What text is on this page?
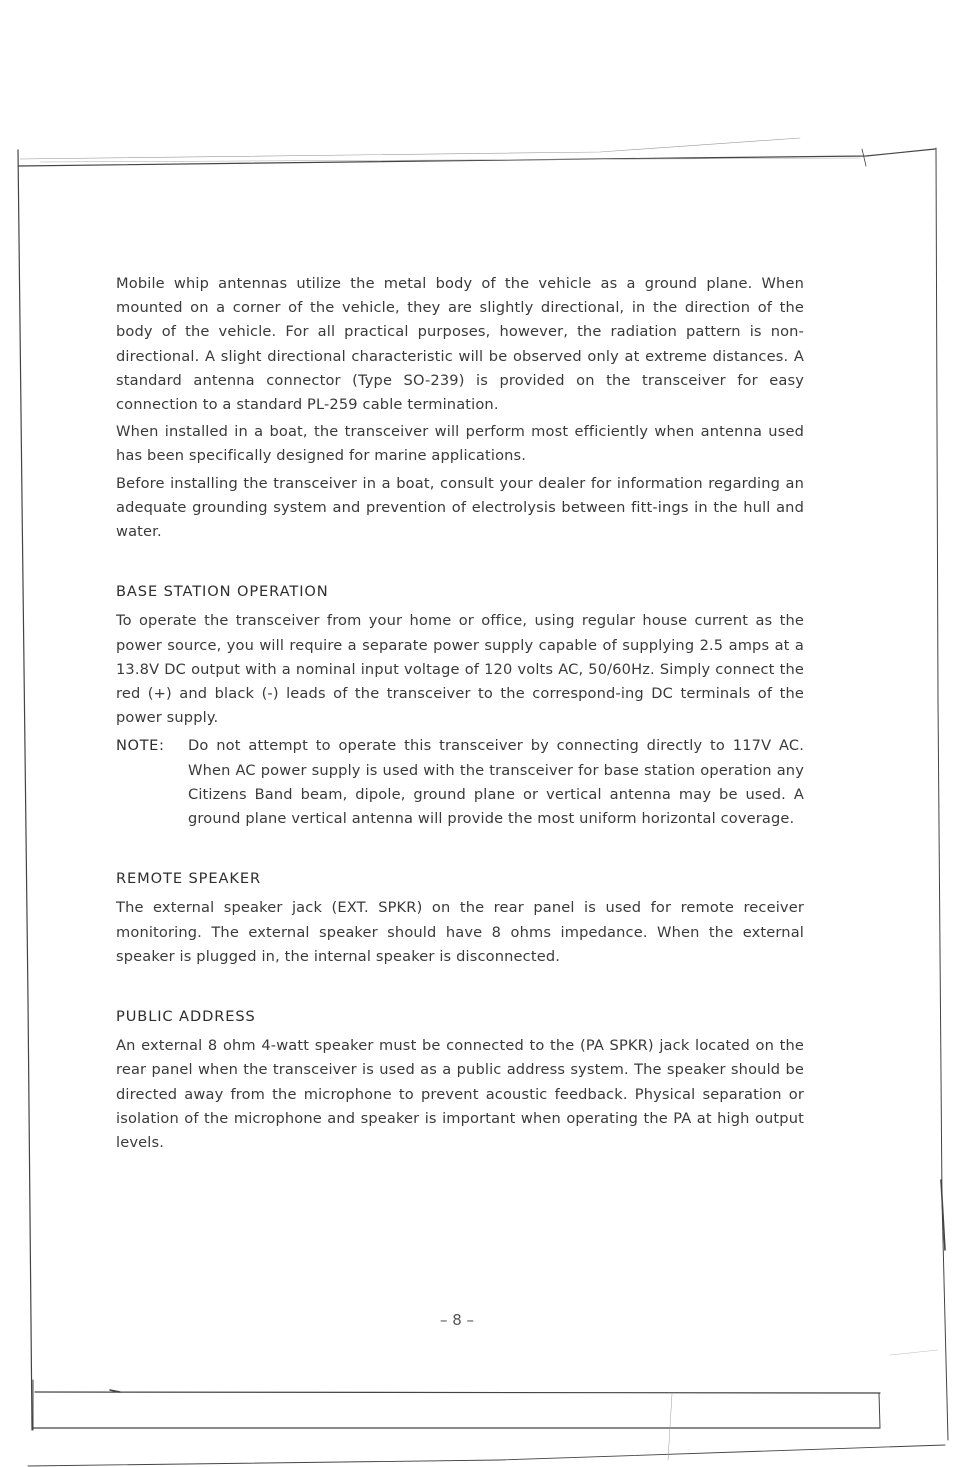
Mobile whip antennas utilize the metal body of the vehicle as a ground plane. When mounted on a corner of the vehicle, they are slightly directional, in the direction of the body of the vehicle. For all practical purposes, however, the radiation pattern is non-directional. A slight directional characteristic will be observed only at extreme distances. A standard antenna connector (Type SO-239) is provided on the transceiver for easy connection to a standard PL-259 cable termination.

When installed in a boat, the transceiver will perform most efficiently when antenna used has been specifically designed for marine applications.

Before installing the transceiver in a boat, consult your dealer for information regarding an adequate grounding system and prevention of electrolysis between fitt-ings in the hull and water.

BASE STATION OPERATION

To operate the transceiver from your home or office, using regular house current as the power source, you will require a separate power supply capable of supplying 2.5 amps at a 13.8V DC output with a nominal input voltage of 120 volts AC, 50/60Hz. Simply connect the red (+) and black (-) leads of the transceiver to the correspond-ing DC terminals of the power supply.

NOTE:	Do not attempt to operate this transceiver by connecting directly to 117V AC. When AC power supply is used with the transceiver for base station operation any Citizens Band beam, dipole, ground plane or vertical antenna may be used. A ground plane vertical antenna will provide the most uniform horizontal coverage.

REMOTE SPEAKER

The external speaker jack (EXT. SPKR) on the rear panel is used for remote receiver monitoring. The external speaker should have 8 ohms impedance. When the external speaker is plugged in, the internal speaker is disconnected.

PUBLIC ADDRESS

An external 8 ohm 4-watt speaker must be connected to the (PA SPKR) jack located on the rear panel when the transceiver is used as a public address system. The speaker should be directed away from the microphone to prevent acoustic feedback. Physical separation or isolation of the microphone and speaker is important when operating the PA at high output levels.

– 8 –
